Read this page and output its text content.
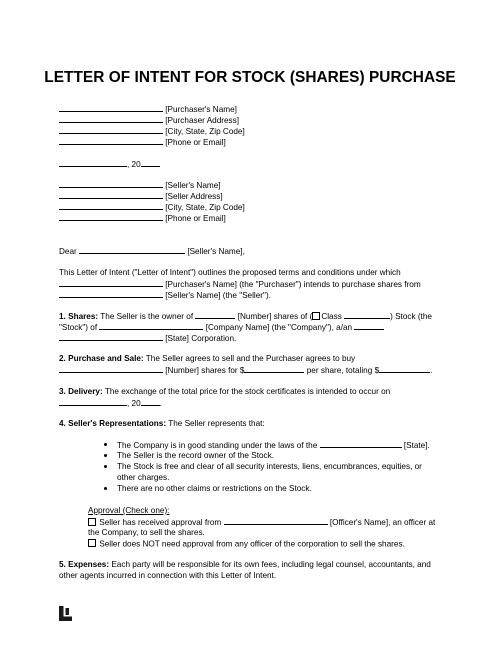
LETTER OF INTENT FOR STOCK (SHARES) PURCHASE
[Purchaser's Name]
[Purchaser Address]
[City, State, Zip Code]
[Phone or Email]
, 20
[Seller's Name]
[Seller Address]
[City, State, Zip Code]
[Phone or Email]
Dear	[Seller's Name],
This Letter of Intent ("Letter of Intent") outlines the proposed terms and conditions under which
[Purchaser's Name] (the "Purchaser") intends to purchase shares from
[Seller's Name] (the "Seller").
1. Shares: The Seller is the owner of	[Number] shares of ( Class	) Stock (the
"Stock") of	[Company Name] (the "Company"), a/an
[State] Corporation.
2. Purchase and Sale: The Seller agrees to sell and the Purchaser agrees to buy
[Number] shares for $	per share, totaling $	.
3. Delivery: The exchange of the total price for the stock certificates is intended to occur on
, 20 .
4. Seller's Representations: The Seller represents that:
The Company is in good standing under the laws of the	[State].
The Seller is the record owner of the Stock.
The Stock is free and clear of all security interests, liens, encumbrances, equities, or
other charges.
There are no other claims or restrictions on the Stock.
Approval (Check one):
Seller has received approval from	[Officer's Name], an officer at
the Company, to sell the shares.
Seller does NOT need approval from any officer of the corporation to sell the shares.
5. Expenses: Each party will be responsible for its own fees, including legal counsel, accountants, and
other agents incurred in connection with this Letter of Intent.
